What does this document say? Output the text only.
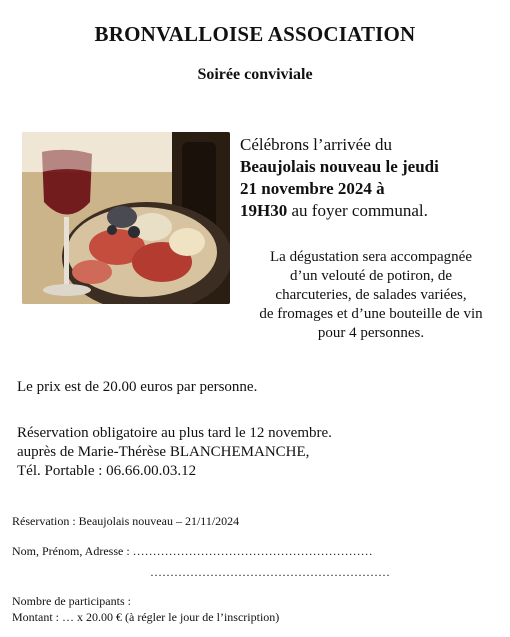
BRONVALLOISE ASSOCIATION
Soirée conviviale
Célébrons l’arrivée du
Beaujolais nouveau le jeudi
21 novembre 2024 à
19H30 au foyer communal.
La dégustation sera accompagnée
d’un velouté de potiron, de
charcuteries, de salades variées,
de fromages et d’une bouteille de vin
pour 4 personnes.
Le prix est de 20.00 euros par personne.
Réservation obligatoire au plus tard le 12 novembre.
auprès de Marie-Thérèse BLANCHEMANCHE,
Tél. Portable : 06.66.00.03.12
Réservation : Beaujolais nouveau – 21/11/2024
Nom, Prénom, Adresse : ……………………………………………………
……………………………………………………
Nombre de participants :
Montant : … x 20.00 € (à régler le jour de l’inscription)
